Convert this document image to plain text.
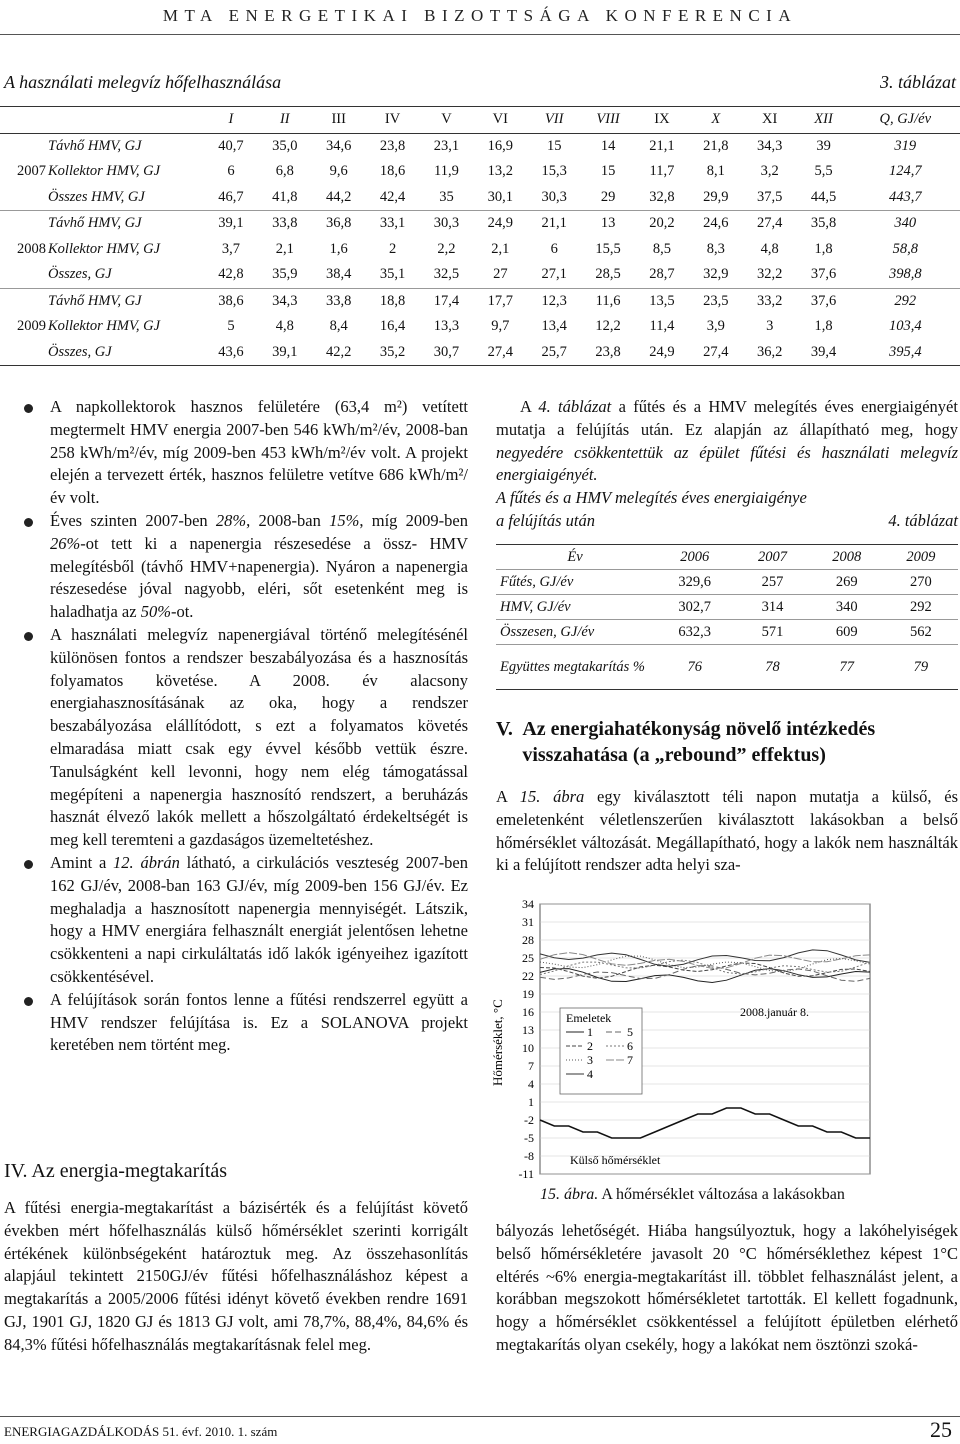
MTA ENERGETIKAI BIZOTTSÁGA KONFERENCIA
A használati melegvíz hőfelhasználása	3. táblázat
		I	II	III	IV	V	VI	VII	VIII	IX	X	XI	XII	Q, GJ/év
	Távhő HMV, GJ	40,7	35,0	34,6	23,8	23,1	16,9	15	14	21,1	21,8	34,3	39	319
2007	Kollektor HMV, GJ	6	6,8	9,6	18,6	11,9	13,2	15,3	15	11,7	8,1	3,2	5,5	124,7
	Összes HMV, GJ	46,7	41,8	44,2	42,4	35	30,1	30,3	29	32,8	29,9	37,5	44,5	443,7
	Távhő HMV, GJ	39,1	33,8	36,8	33,1	30,3	24,9	21,1	13	20,2	24,6	27,4	35,8	340
2008	Kollektor HMV, GJ	3,7	2,1	1,6	2	2,2	2,1	6	15,5	8,5	8,3	4,8	1,8	58,8
	Összes, GJ	42,8	35,9	38,4	35,1	32,5	27	27,1	28,5	28,7	32,9	32,2	37,6	398,8
	Távhő HMV, GJ	38,6	34,3	33,8	18,8	17,4	17,7	12,3	11,6	13,5	23,5	33,2	37,6	292
2009	Kollektor HMV, GJ	5	4,8	8,4	16,4	13,3	9,7	13,4	12,2	11,4	3,9	3	1,8	103,4
	Összes, GJ	43,6	39,1	42,2	35,2	30,7	27,4	25,7	23,8	24,9	27,4	36,2	39,4	395,4
A napkollektorok hasznos felületére (63,4 m²) vetített megtermelt HMV energia 2007-ben 546 kWh/m²/év, 2008-ban 258 kWh/m²/év, míg 2009-ben 453 kWh/m²/év volt. A projekt elején a tervezett érték, hasznos felületre vetítve 686 kWh/m²/év volt.
Éves szinten 2007-ben 28%, 2008-ban 15%, míg 2009-ben 26%-ot tett ki a napenergia részesedése a össz- HMV melegítésből (távhő HMV+napenergia). Nyáron a napenergia részesedése jóval nagyobb, eléri, sőt esetenként meg is haladhatja az 50%-ot.
A használati melegvíz napenergiával történő melegítésénél különösen fontos a rendszer beszabályozása és a hasznosítás folyamatos követése. A 2008. év alacsony energiahasznosításának az oka, hogy a rendszer beszabályozása elállítódott, s ezt a folyamatos követés elmaradása miatt csak egy évvel később vettük észre. Tanulságként kell levonni, hogy nem elég támogatással megépíteni a napenergia hasznosító rendszert, a beruházás hasznát élvező lakók mellett a hőszolgáltató érdekeltségét is meg kell teremteni a gazdaságos üzemeltetéshez.
Amint a 12. ábrán látható, a cirkulációs veszteség 2007-ben 162 GJ/év, 2008-ban 163 GJ/év, míg 2009-ben 156 GJ/év. Ez meghaladja a hasznosított napenergia mennyiségét. Látszik, hogy a HMV energiára felhasznált energiát jelentősen lehetne csökkenteni a napi cirkuláltatás idő lakók igényeihez igazított csökkentésével.
A felújítások során fontos lenne a fűtési rendszerrel együtt a HMV rendszer felújítása is. Ez a SOLANOVA projekt keretében nem történt meg.
IV. Az energia-megtakarítás
A fűtési energia-megtakarítást a bázisérték és a felújítást követő években mért hőfelhasználás külső hőmérséklet szerinti korrigált értékének különbségeként határoztuk meg. Az összehasonlítás alapjául tekintett 2150GJ/év fűtési hőfelhasználáshoz képest a megtakarítás a 2005/2006 fűtési idényt követő években rendre 1691 GJ, 1901 GJ, 1820 GJ és 1813 GJ volt, ami 78,7%, 88,4%, 84,6% és 84,3% fűtési hőfelhasználás megtakarításnak felel meg.
A 4. táblázat a fűtés és a HMV melegítés éves energiaigényét mutatja a felújítás után. Ez alapján az állapítható meg, hogy negyedére csökkentettük az épület fűtési és használati melegvíz energiaigényét.
A fűtés és a HMV melegítés éves energiaigénye
a felújítás után	4. táblázat
Év	2006	2007	2008	2009
Fűtés, GJ/év	329,6	257	269	270
HMV, GJ/év	302,7	314	340	292
Összesen, GJ/év	632,3	571	609	562
Együttes megtakarítás %	76	78	77	79
V. Az energiahatékonyság növelő intézkedés visszahatása (a „rebound” effektus)
A 15. ábra egy kiválasztott téli napon mutatja a külső, és emeletenként véletlenszerűen kiválasztott lakásokban a belső hőmérséklet változását. Megállapítható, hogy a lakók nem használták ki a felújított rendszer adta helyi sza-
34
31
28
25
22
19
16
13
10
7
4
1
-2
-5
-8
-11
Emeletek
1
2
3
4
5
6
7
2008.január 8.
Külső hőmérséklet
Hőmérséklet, °C
15. ábra. A hőmérséklet változása a lakásokban
bályozás lehetőségét. Hiába hangsúlyoztuk, hogy a lakóhelyiségek belső hőmérsékletére javasolt 20 °C hőmérséklethez képest 1°C eltérés ~6% energia-megtakarítást ill. többlet felhasználást jelent, a korábban megszokott hőmérsékletet tartották. El kellett fogadnunk, hogy a hőmérséklet csökkentéssel a felújított épületben elérhető megtakarítás olyan csekély, hogy a lakókat nem ösztönzi szoká-
ENERGIAGAZDÁLKODÁS 51. évf. 2010. 1. szám	25
